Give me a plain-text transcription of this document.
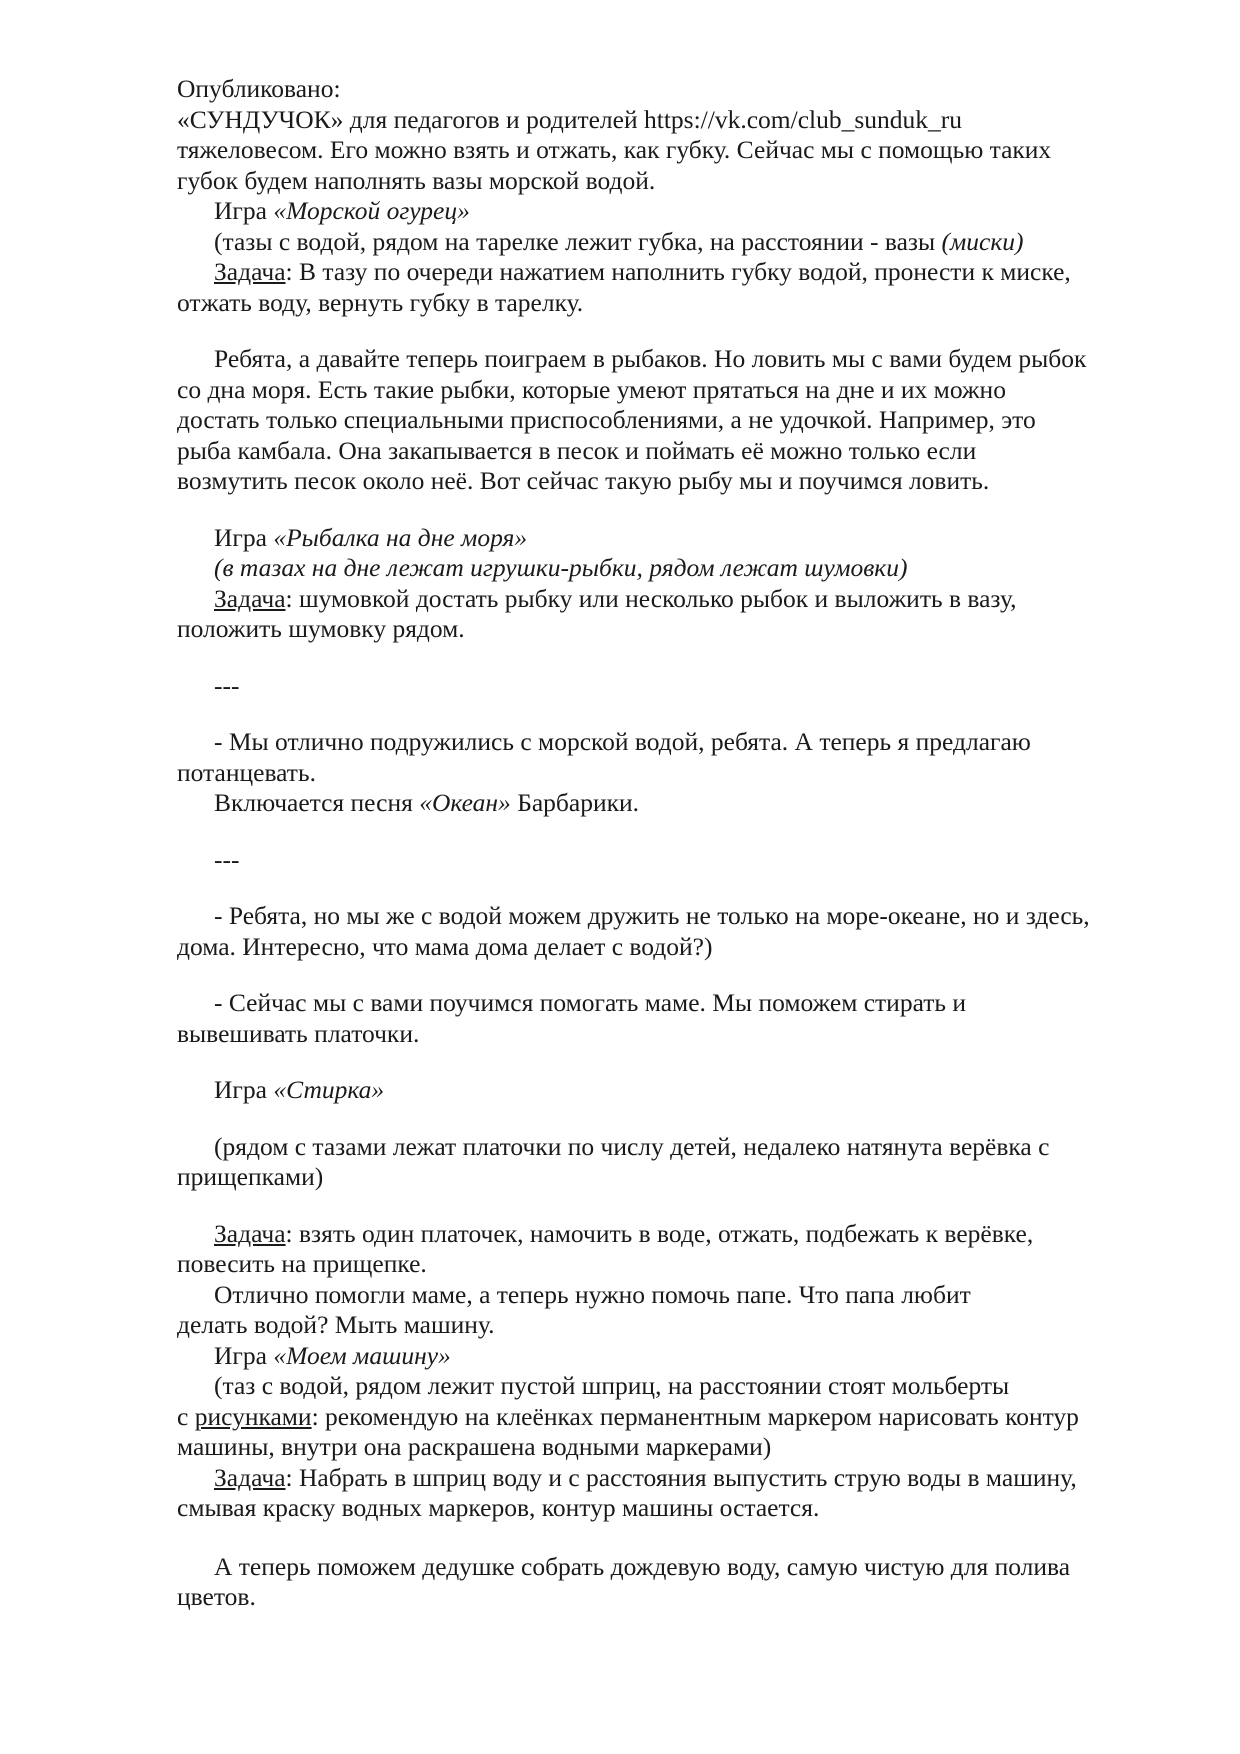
Опубликовано:

«СУНДУЧОК» для педагогов и родителей https://vk.com/club_sunduk_ru

тяжеловесом. Его можно взять и отжать, как губку. Сейчас мы с помощью таких

губок будем наполнять вазы морской водой.

Игра «Морской огурец»

(тазы с водой, рядом на тарелке лежит губка, на расстоянии - вазы (миски)

Задача: В тазу по очереди нажатием наполнить губку водой, пронести к миске,

отжать воду, вернуть губку в тарелку.

Ребята, а давайте теперь поиграем в рыбаков. Но ловить мы с вами будем рыбок

со дна моря. Есть такие рыбки, которые умеют прятаться на дне и их можно

достать только специальными приспособлениями, а не удочкой. Например, это

рыба камбала. Она закапывается в песок и поймать её можно только если

возмутить песок около неё. Вот сейчас такую рыбу мы и поучимся ловить.

Игра «Рыбалка на дне моря»

(в тазах на дне лежат игрушки-рыбки, рядом лежат шумовки)

Задача: шумовкой достать рыбку или несколько рыбок и выложить в вазу,

положить шумовку рядом.

---

- Мы отлично подружились с морской водой, ребята. А теперь я предлагаю

потанцевать.

Включается песня «Океан» Барбарики.

---

- Ребята, но мы же с водой можем дружить не только на море-океане, но и здесь,

дома. Интересно, что мама дома делает с водой?)

- Сейчас мы с вами поучимся помогать маме. Мы поможем стирать и

вывешивать платочки.

Игра «Стирка»

(рядом с тазами лежат платочки по числу детей, недалеко натянута верёвка с

прищепками)

Задача: взять один платочек, намочить в воде, отжать, подбежать к верёвке,

повесить на прищепке.

Отлично помогли маме, а теперь нужно помочь папе. Что папа любит

делать водой? Мыть машину.

Игра «Моем машину»

(таз с водой, рядом лежит пустой шприц, на расстоянии стоят мольберты

с рисунками: рекомендую на клеёнках перманентным маркером нарисовать контур

машины, внутри она раскрашена водными маркерами)

Задача: Набрать в шприц воду и с расстояния выпустить струю воды в машину,

смывая краску водных маркеров, контур машины остается.

А теперь поможем дедушке собрать дождевую воду, самую чистую для полива

цветов.
